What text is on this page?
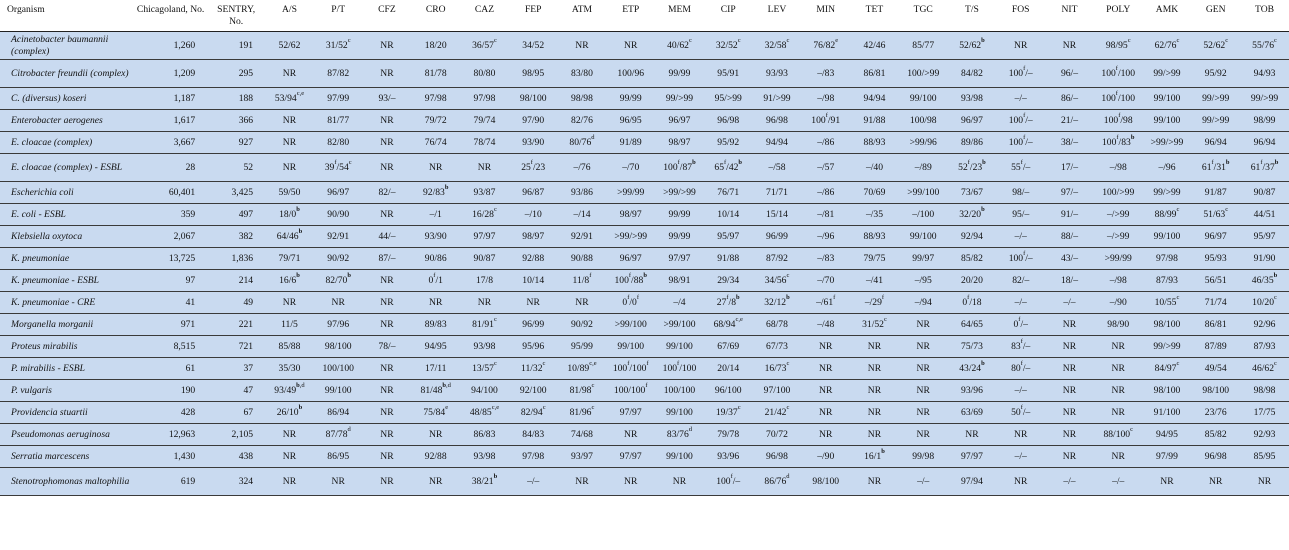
Organism	Chicagoland, No.	SENTRY, No.	A/S	P/T	CFZ	CRO	CAZ	FEP	ATM	ETP	MEM	CIP	LEV	MIN	TET	TGC	T/S	FOS	NIT	POLY	AMK	GEN	TOB
Acinetobacter baumannii (complex)	1,260	191	52/62	31/52$^c$	NR	18/20	36/57$^c$	34/52	NR	NR	40/62$^c$	32/52$^c$	32/58$^c$	76/82e	42/46	85/77	52/62$^b$	NR	NR	98/95$^c$	62/76$^c$	52/62$^c$	55/76$^c$
Citrobacter freundii (complex)	1,209	295	NR	87/82	NR	81/78	80/80	98/95	83/80	100/96	99/99	95/91	93/93	–/83	86/81	100/>99	84/82	100$^f$/–	96/–	100$^f$/100	99/>99	95/92	94/93
C. (diversus) koseri	1,187	188	53/94$^{c,e}$	97/99	93/–	97/98	97/98	98/100	98/98	99/99	99/>99	95/>99	91/>99	–/98	94/94	99/100	93/98	–/–	86/–	100$^f$/100	99/100	99/>99	99/>99
Enterobacter aerogenes	1,617	366	NR	81/77	NR	79/72	79/74	97/90	82/76	96/95	96/97	96/98	96/98	100$^f$/91	91/88	100/98	96/97	100$^f$/–	21/–	100$^f$/98	99/100	99/>99	98/99
E. cloacae (complex)	3,667	927	NR	82/80	NR	76/74	78/74	93/90	80/76$^d$	91/89	98/97	95/92	94/94	–/86	88/93	>99/96	89/86	100$^f$/–	38/–	$100^f/83^b$	>99/>99	96/94	96/94
E. cloacae (complex) - ESBL	28	52	NR	39$^f$/54$^c$	NR	NR	NR	25$^f$/23	–/76	–/70	100$^f$/87$^b$	65$^f$/42$^b$	–/58	–/57	–/40	–/89	52$^f$/23$^b$	55$^f$/–	17/–	–/98	–/96	61$^f$/31$^b$	61$^f$/37$^b$
Escherichia coli	60,401	3,425	59/50	96/97	82/–	92/83$^b$	93/87	96/87	93/86	>99/99	>99/>99	76/71	71/71	–/86	70/69	>99/100	73/67	98/–	97/–	100/>99	99/>99	91/87	90/87
E. coli - ESBL	359	497	18/0$^b$	90/90	NR	–/1	16/28$^c$	–/10	–/14	98/97	99/99	10/14	15/14	–/81	–/35	–/100	32/20$^b$	95/–	91/–	–/>99	88/99$^c$	51/63$^c$	44/51
Klebsiella oxytoca	2,067	382	64/46$^b$	92/91	44/–	93/90	97/97	98/97	92/91	>99/>99	99/99	95/97	96/99	–/96	88/93	99/100	92/94	–/–	88/–	–/>99	99/100	96/97	95/97
K. pneumoniae	13,725	1,836	79/71	90/92	87/–	90/86	90/87	92/88	90/88	96/97	97/97	91/88	87/92	–/83	79/75	99/97	85/82	100$^f$/–	43/–	>99/99	97/98	95/93	91/90
K. pneumoniae - ESBL	97	214	16/6$^b$	82/70$^b$	NR	0$^f$/1	17/8	10/14	11/8$^f$	100$^f$/88$^b$	98/91	29/34	34/56$^c$	–/70	–/41	–/95	20/20	82/–	18/–	–/98	87/93	56/51	46/35$^b$
K. pneumoniae - CRE	41	49	NR	NR	NR	NR	NR	NR	NR	0$^f$/0$^f$	–/4	27$^f$/8$^b$	32/12$^b$	–/61$^f$	–/29$^f$	–/94	0$^f$/18	–/–	–/–	–/90	10/55$^c$	71/74	10/20$^c$
Morganella morganii	971	221	11/5	97/96	NR	89/83	81/91$^c$	96/99	90/92	>99/100	>99/100	68/94$^{c,e}$	68/78	–/48	31/52$^c$	NR	64/65	0$^f$/–	NR	98/90	98/100	86/81	92/96
Proteus mirabilis	8,515	721	85/88	98/100	78/–	94/95	93/98	95/96	95/99	99/100	99/100	67/69	67/73	NR	NR	NR	75/73	83$^f$/–	NR	NR	99/>99	87/89	87/93
P. mirabilis - ESBL	61	37	35/30	100/100	NR	17/11	13/57$^c$	11/32$^c$	10/89$^{c,e}$	100$^f$/100$^f$	100$^f$/100	20/14	16/73$^c$	NR	NR	NR	43/24$^b$	80$^f$/–	NR	NR	84/97$^c$	49/54	46/62$^c$
P. vulgaris	190	47	93/49$^{b,d}$	99/100	NR	81/48$^{b,d}$	94/100	92/100	81/98$^c$	100/100$^f$	100/100	96/100	97/100	NR	NR	NR	93/96	–/–	NR	NR	98/100	98/100	98/98
Providencia stuartii	428	67	26/10$^b$	86/94	NR	75/84e	48/85$^{c,e}$	82/94$^c$	81/96$^c$	97/97	99/100	19/37$^c$	21/42$^c$	NR	NR	NR	63/69	50$^f$/–	NR	NR	91/100	23/76	17/75
Pseudomonas aeruginosa	12,963	2,105	NR	87/78$^d$	NR	NR	86/83	84/83	74/68	NR	83/76$^d$	79/78	70/72	NR	NR	NR	NR	NR	NR	88/100$^c$	94/95	85/82	92/93
Serratia marcescens	1,430	438	NR	86/95	NR	92/88	93/98	97/98	93/97	97/97	99/100	93/96	96/98	–/90	16/1$^b$	99/98	97/97	–/–	NR	NR	97/99	96/98	85/95
Stenotrophomonas maltophilia	619	324	NR	NR	NR	NR	38/21$^b$	–/–	NR	NR	NR	100$^f$/–	86/76$^d$	98/100	NR	–/–	97/94	NR	–/–	–/–	NR	NR	NR
